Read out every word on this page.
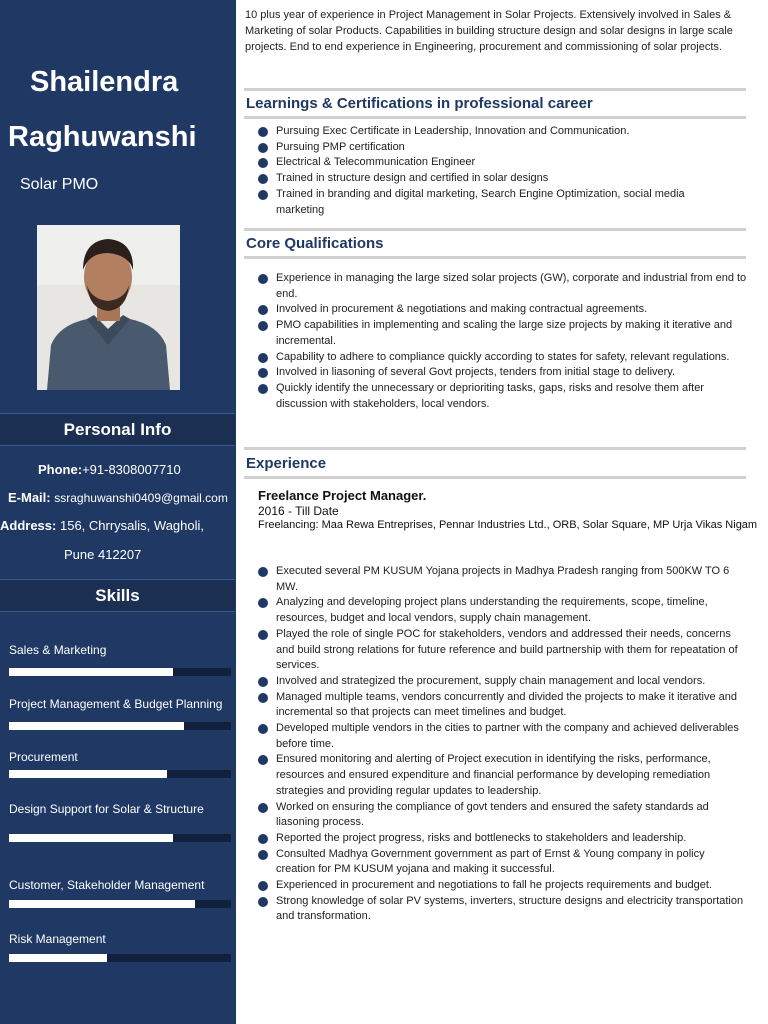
Shailendra
Raghuwanshi
Solar PMO
Personal Info
Phone:+91-8308007710
E-Mail: ssraghuwanshi0409@gmail.com
Address: 156, Chrrysalis, Wagholi,
Pune 412207
Skills
Sales & Marketing
Project Management & Budget Planning
Procurement
Design Support for Solar & Structure
Customer, Stakeholder Management
Risk Management
10 plus year of experience in Project Management in Solar Projects. Extensively involved in Sales & Marketing of solar Products. Capabilities in building structure design and solar designs in large scale projects. End to end experience in Engineering, procurement and commissioning of solar projects.
Learnings & Certifications in professional career
Pursuing Exec Certificate in Leadership, Innovation and Communication.
Pursuing PMP certification
Electrical & Telecommunication Engineer
Trained in structure design and certified in solar designs
Trained in branding and digital marketing, Search Engine Optimization, social media marketing
Core Qualifications
Experience in managing the large sized solar projects (GW), corporate and industrial from end to end.
Involved in procurement & negotiations and making contractual agreements.
PMO capabilities in implementing and scaling the large size projects by making it iterative and incremental.
Capability to adhere to compliance quickly according to states for safety, relevant regulations.
Involved in liasoning of several Govt projects, tenders from initial stage to delivery.
Quickly identify the unnecessary or deprioriting tasks, gaps, risks and resolve them after discussion with stakeholders, local vendors.
Experience
Freelance Project Manager.
2016 - Till Date
Freelancing: Maa Rewa Entreprises, Pennar Industries Ltd., ORB, Solar Square, MP Urja Vikas Nigam
Executed several PM KUSUM Yojana projects in Madhya Pradesh ranging from 500KW TO 6 MW.
Analyzing and developing project plans understanding the requirements, scope, timeline, resources, budget and local vendors, supply chain management.
Played the role of single POC for stakeholders, vendors and addressed their needs, concerns and build strong relations for future reference and build partnership with them for repeatation of services.
Involved and strategized the procurement, supply chain management and local vendors.
Managed multiple teams, vendors concurrently and divided the projects to make it iterative and incremental so that projects can meet timelines and budget.
Developed multiple vendors in the cities to partner with the company and achieved deliverables before time.
Ensured monitoring and alerting of Project execution in identifying the risks, performance, resources and ensured expenditure and financial performance by developing remediation strategies and providing regular updates to leadership.
Worked on ensuring the compliance of govt tenders and ensured the safety standards ad liasoning process.
Reported the project progress, risks and bottlenecks to stakeholders and leadership.
Consulted Madhya Government government as part of Ernst & Young company in policy creation for PM KUSUM yojana and making it successful.
Experienced in procurement and negotiations to fall he projects requirements and budget.
Strong knowledge of solar PV systems, inverters, structure designs and electricity transportation and transformation.
